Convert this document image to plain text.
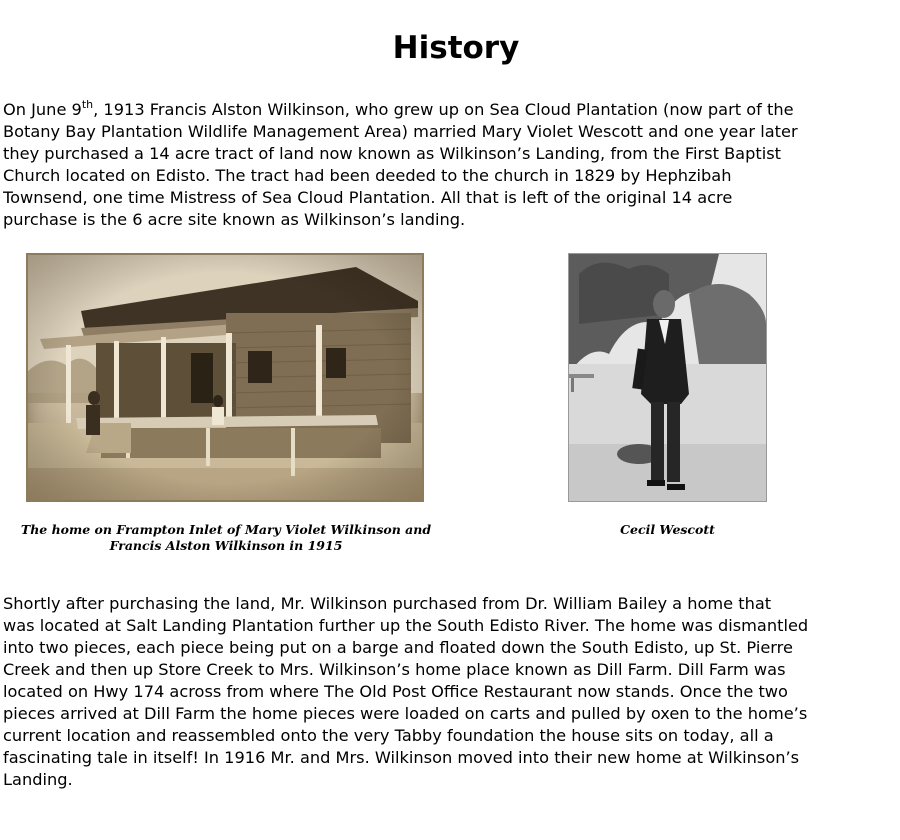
History

On June 9th, 1913 Francis Alston Wilkinson, who grew up on Sea Cloud Plantation (now part of the
Botany Bay Plantation Wildlife Management Area) married Mary Violet Wescott and one year later
they purchased a 14 acre tract of land now known as Wilkinson’s Landing, from the First Baptist
Church located on Edisto. The tract had been deeded to the church in 1829 by Hephzibah
Townsend, one time Mistress of Sea Cloud Plantation. All that is left of the original 14 acre
purchase is the 6 acre site known as Wilkinson’s landing.

The home on Frampton Inlet of Mary Violet Wilkinson and
Francis Alston Wilkinson in 1915

Cecil Wescott

Shortly after purchasing the land, Mr. Wilkinson purchased from Dr. William Bailey a home that
was located at Salt Landing Plantation further up the South Edisto River. The home was dismantled
into two pieces, each piece being put on a barge and floated down the South Edisto, up St. Pierre
Creek and then up Store Creek to Mrs. Wilkinson’s home place known as Dill Farm. Dill Farm was
located on Hwy 174 across from where The Old Post Office Restaurant now stands. Once the two
pieces arrived at Dill Farm the home pieces were loaded on carts and pulled by oxen to the home’s
current location and reassembled onto the very Tabby foundation the house sits on today, all a
fascinating tale in itself! In 1916 Mr. and Mrs. Wilkinson moved into their new home at Wilkinson’s
Landing.
